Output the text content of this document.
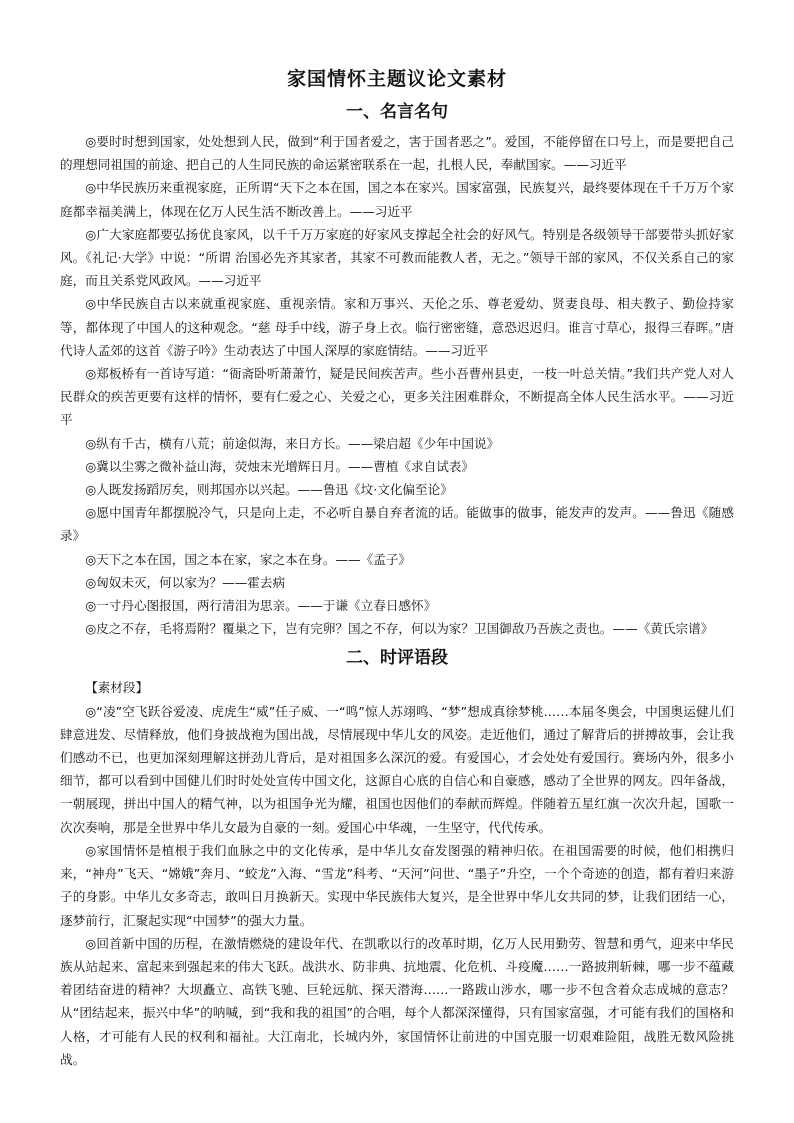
家国情怀主题议论文素材
一、名言名句

◎要时时想到国家，处处想到人民，做到“利于国者爱之，害于国者恶之”。爱国，不能停留在口号上，而是要把自己的理想同祖国的前途、把自己的人生同民族的命运紧密联系在一起，扎根人民，奉献国家。——习近平

◎中华民族历来重视家庭，正所谓“天下之本在国，国之本在家兴。国家富强，民族复兴，最终要体现在千千万万个家庭都幸福美满上，体现在亿万人民生活不断改善上。——习近平

◎广大家庭都要弘扬优良家风，以千千万万家庭的好家风支撑起全社会的好风气。特别是各级领导干部要带头抓好家风。《礼记·大学》中说：“所谓 治国必先齐其家者，其家不可教而能教人者，无之。”领导干部的家风，不仅关系自己的家庭，而且关系党风政风。——习近平

◎中华民族自古以来就重视家庭、重视亲情。家和万事兴、天伦之乐、尊老爱幼、贤妻良母、相夫教子、勤俭持家等，都体现了中国人的这种观念。“慈 母手中线，游子身上衣。临行密密缝，意恐迟迟归。谁言寸草心，报得三春晖。”唐代诗人孟郊的这首《游子吟》生动表达了中国人深厚的家庭情结。——习近平

◎郑板桥有一首诗写道：“衙斋卧听萧萧竹，疑是民间疾苦声。些小吾曹州县吏，一枝一叶总关情。”我们共产党人对人民群众的疾苦更要有这样的情怀，要有仁爱之心、关爱之心，更多关注困难群众，不断提高全体人民生活水平。——习近平

◎纵有千古，横有八荒；前途似海，来日方长。——梁启超《少年中国说》

◎冀以尘雾之微补益山海，荧烛末光增辉日月。——曹植《求自试表》

◎人既发扬蹈厉矣，则邦国亦以兴起。——鲁迅《坟·文化偏至论》

◎愿中国青年都摆脱冷气，只是向上走，不必听自暴自弃者流的话。能做事的做事，能发声的发声。——鲁迅《随感录》

◎天下之本在国，国之本在家，家之本在身。——《孟子》

◎匈奴未灭，何以家为？——霍去病

◎一寸丹心图报国，两行清泪为思亲。——于谦《立春日感怀》

◎皮之不存，毛将焉附？覆巢之下，岂有完卵？国之不存，何以为家？卫国御敌乃吾族之责也。——《黄氏宗谱》

二、时评语段

【素材段】

◎“凌”空飞跃谷爱凌、虎虎生“威”任子威、一“鸣”惊人苏翊鸣、“梦”想成真徐梦桃……本届冬奥会，中国奥运健儿们肆意进发、尽情释放，他们身披战袍为国出战，尽情展现中华儿女的风姿。走近他们，通过了解背后的拼搏故事，会让我们感动不已，也更加深刻理解这拼劲儿背后，是对祖国多么深沉的爱。有爱国心，才会处处有爱国行。赛场内外，很多小细节，都可以看到中国健儿们时时处处宣传中国文化，这源自心底的自信心和自豪感，感动了全世界的网友。四年备战，一朝展现，拼出中国人的精气神，以为祖国争光为耀，祖国也因他们的奉献而辉煌。伴随着五星红旗一次次升起，国歌一次次奏响，那是全世界中华儿女最为自豪的一刻。爱国心中华魂，一生坚守，代代传承。

◎家国情怀是植根于我们血脉之中的文化传承，是中华儿女奋发图强的精神归依。在祖国需要的时候，他们相携归来，“神舟”飞天、“嫦娥”奔月、“蛟龙”入海、“雪龙”科考、“天河”问世、“墨子”升空，一个个奇迹的创造，都有着归来游子的身影。中华儿女多奇志，敢叫日月换新天。实现中华民族伟大复兴，是全世界中华儿女共同的梦，让我们团结一心，逐梦前行，汇聚起实现“中国梦”的强大力量。

◎回首新中国的历程，在激情燃烧的建设年代、在凯歌以行的改革时期，亿万人民用勤劳、智慧和勇气，迎来中华民族从站起来、富起来到强起来的伟大飞跃。战洪水、防非典、抗地震、化危机、斗疫魔……一路披荆斩棘，哪一步不蕴藏着团结奋进的精神？大坝矗立、高铁飞驰、巨轮远航、探天潜海……一路跋山涉水，哪一步不包含着众志成城的意志？从“团结起来，振兴中华”的呐喊，到“我和我的祖国”的合唱，每个人都深深懂得，只有国家富强，才可能有我们的国格和人格，才可能有人民的权利和福祉。大江南北，长城内外，家国情怀让前进的中国克服一切艰难险阻，战胜无数风险挑战。
